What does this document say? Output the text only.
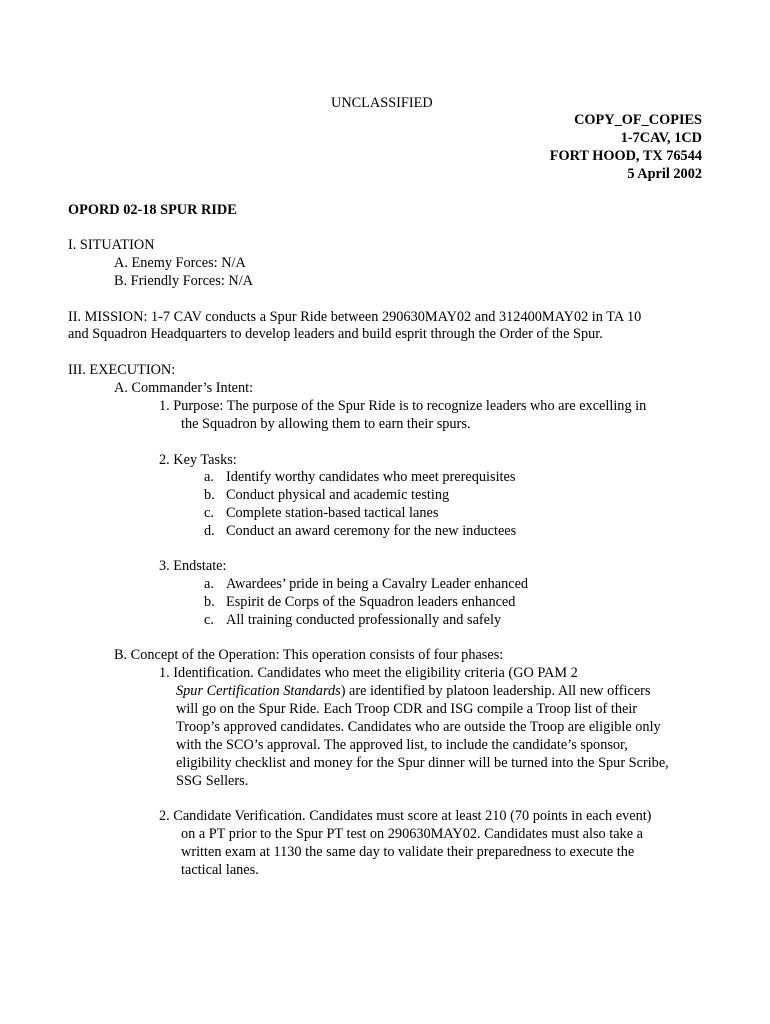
UNCLASSIFIED
COPY_OF_COPIES
1-7CAV, 1CD
FORT HOOD, TX 76544
5 April 2002
OPORD 02-18 SPUR RIDE
I. SITUATION
A. Enemy Forces: N/A
B. Friendly Forces: N/A
II. MISSION: 1-7 CAV conducts a Spur Ride between 290630MAY02 and 312400MAY02 in TA 10
and Squadron Headquarters to develop leaders and build esprit through the Order of the Spur.
III. EXECUTION:
A. Commander’s Intent:
1. Purpose: The purpose of the Spur Ride is to recognize leaders who are excelling in
the Squadron by allowing them to earn their spurs.
2. Key Tasks:
a. Identify worthy candidates who meet prerequisites
b. Conduct physical and academic testing
c. Complete station-based tactical lanes
d. Conduct an award ceremony for the new inductees
3. Endstate:
a. Awardees’ pride in being a Cavalry Leader enhanced
b. Espirit de Corps of the Squadron leaders enhanced
c. All training conducted professionally and safely
B. Concept of the Operation: This operation consists of four phases:
1. Identification. Candidates who meet the eligibility criteria (GO PAM 2
Spur Certification Standards) are identified by platoon leadership. All new officers
will go on the Spur Ride. Each Troop CDR and ISG compile a Troop list of their
Troop’s approved candidates. Candidates who are outside the Troop are eligible only
with the SCO’s approval. The approved list, to include the candidate’s sponsor,
eligibility checklist and money for the Spur dinner will be turned into the Spur Scribe,
SSG Sellers.
2. Candidate Verification. Candidates must score at least 210 (70 points in each event)
on a PT prior to the Spur PT test on 290630MAY02. Candidates must also take a
written exam at 1130 the same day to validate their preparedness to execute the
tactical lanes.
